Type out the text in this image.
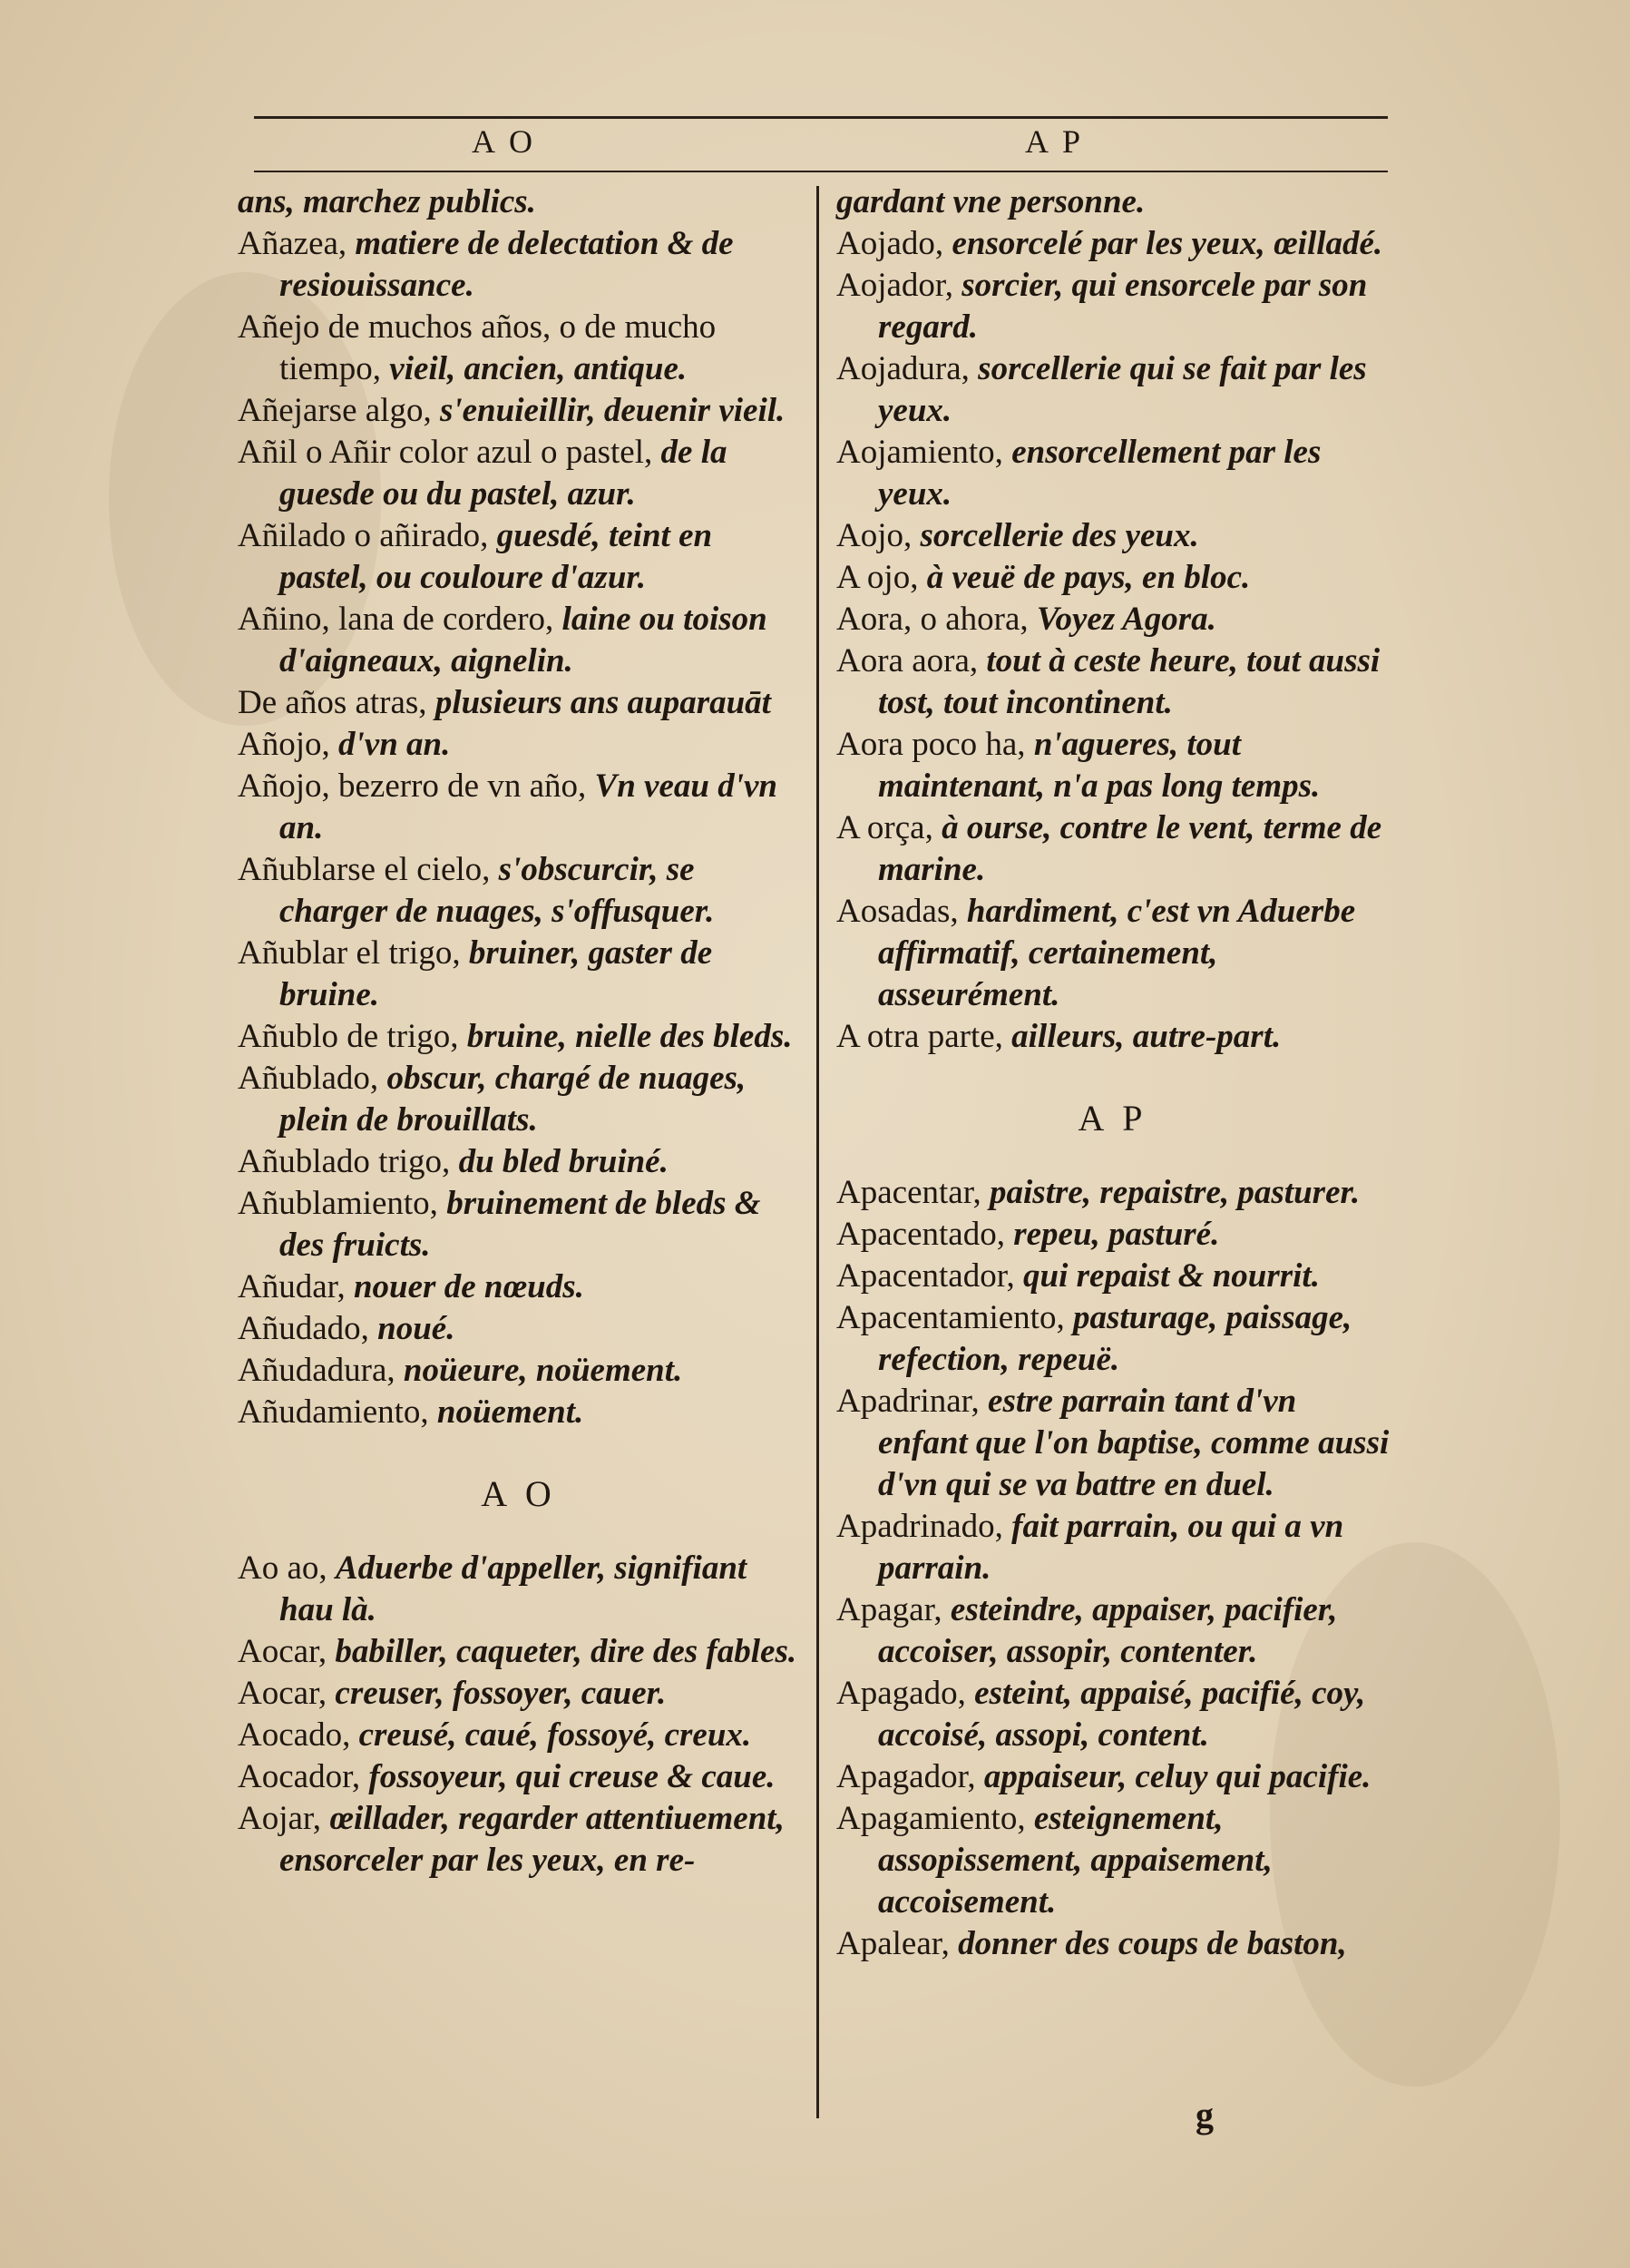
A O	A P

ans, marchez publics.

Añazea, matiere de delectation & de resiouissance.

Añejo de muchos años, o de mucho tiempo, vieil, ancien, antique.

Añejarse algo, s'enuieillir, deuenir vieil.

Añil o Añir color azul o pastel, de la guesde ou du pastel, azur.

Añilado o añirado, guesdé, teint en pastel, ou couloure d'azur.

Añino, lana de cordero, laine ou toison d'aigneaux, aignelin.

De años atras, plusieurs ans auparauāt

Añojo, d'vn an.

Añojo, bezerro de vn año, Vn veau d'vn an.

Añublarse el cielo, s'obscurcir, se charger de nuages, s'offusquer.

Añublar el trigo, bruiner, gaster de bruine.

Añublo de trigo, bruine, nielle des bleds.

Añublado, obscur, chargé de nuages, plein de brouillats.

Añublado trigo, du bled bruiné.

Añublamiento, bruinement de bleds & des fruicts.

Añudar, nouer de nœuds.

Añudado, noué.

Añudadura, noüeure, noüement.

Añudamiento, noüement.

A O

Ao ao, Aduerbe d'appeller, signifiant hau là.

Aocar, babiller, caqueter, dire des fables.

Aocar, creuser, fossoyer, cauer.

Aocado, creusé, caué, fossoyé, creux.

Aocador, fossoyeur, qui creuse & caue.

Aojar, œillader, regarder attentiuement, ensorceler par les yeux, en re-

gardant vne personne.

Aojado, ensorcelé par les yeux, œilladé.

Aojador, sorcier, qui ensorcele par son regard.

Aojadura, sorcellerie qui se fait par les yeux.

Aojamiento, ensorcellement par les yeux.

Aojo, sorcellerie des yeux.

A ojo, à veuë de pays, en bloc.

Aora, o ahora, Voyez Agora.

Aora aora, tout à ceste heure, tout aussi tost, tout incontinent.

Aora poco ha, n'agueres, tout maintenant, n'a pas long temps.

A orça, à ourse, contre le vent, terme de marine.

Aosadas, hardiment, c'est vn Aduerbe affirmatif, certainement, asseurément.

A otra parte, ailleurs, autre-part.

A P

Apacentar, paistre, repaistre, pasturer.

Apacentado, repeu, pasturé.

Apacentador, qui repaist & nourrit.

Apacentamiento, pasturage, paissage, refection, repeuë.

Apadrinar, estre parrain tant d'vn enfant que l'on baptise, comme aussi d'vn qui se va battre en duel.

Apadrinado, fait parrain, ou qui a vn parrain.

Apagar, esteindre, appaiser, pacifier, accoiser, assopir, contenter.

Apagado, esteint, appaisé, pacifié, coy, accoisé, assopi, content.

Apagador, appaiseur, celuy qui pacifie.

Apagamiento, esteignement, assopissement, appaisement, accoisement.

Apalear, donner des coups de baston,

g
